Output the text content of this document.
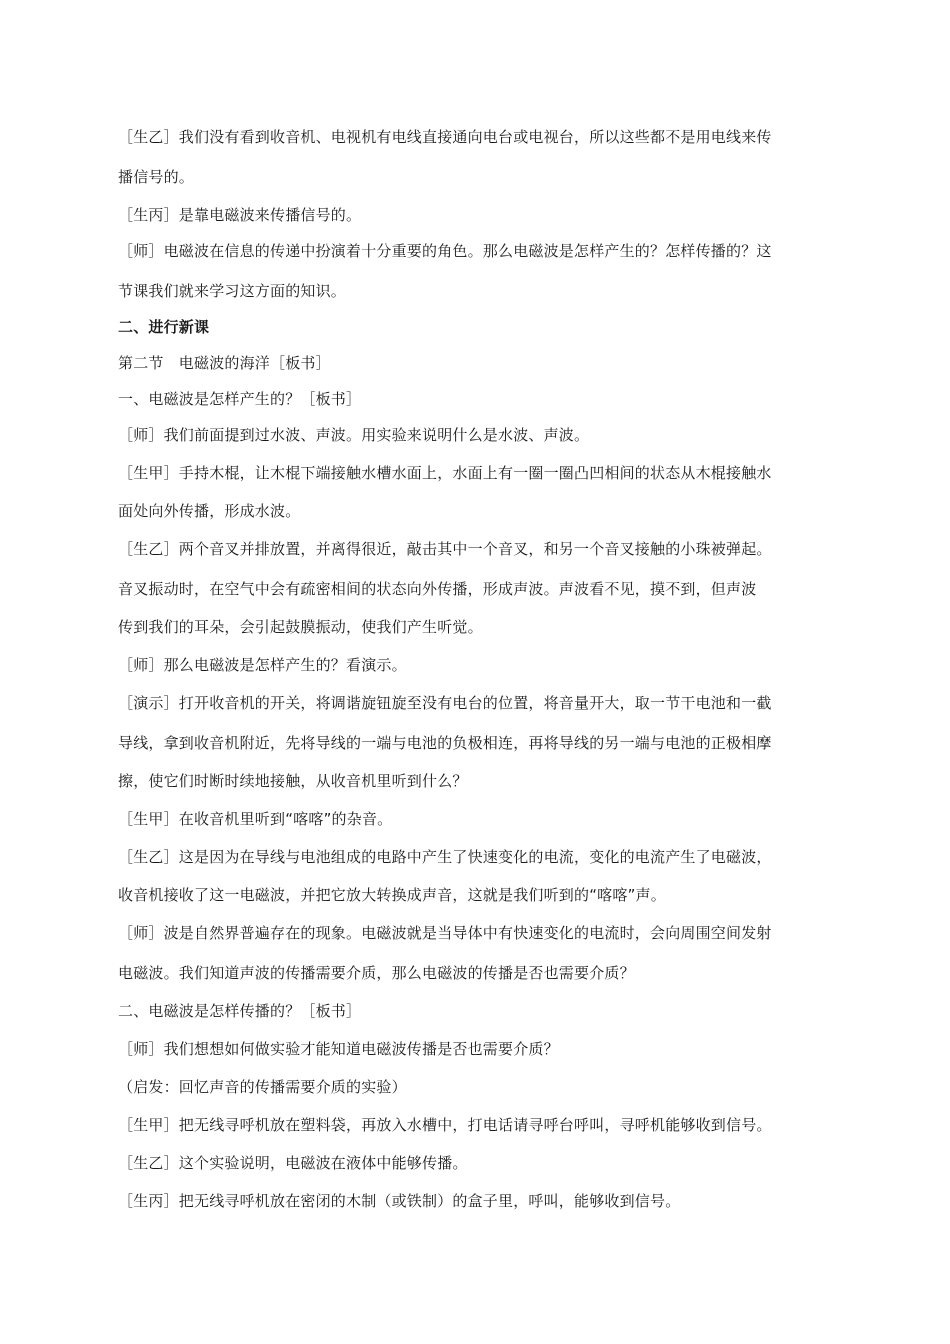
［生乙］我们没有看到收音机、电视机有电线直接通向电台或电视台，所以这些都不是用电线来传
播信号的。
［生丙］是靠电磁波来传播信号的。
［师］电磁波在信息的传递中扮演着十分重要的角色。那么电磁波是怎样产生的？怎样传播的？这
节课我们就来学习这方面的知识。
二、进行新课
第二节　电磁波的海洋［板书］
一、电磁波是怎样产生的？［板书］
［师］我们前面提到过水波、声波。用实验来说明什么是水波、声波。
［生甲］手持木棍，让木棍下端接触水槽水面上，水面上有一圈一圈凸凹相间的状态从木棍接触水
面处向外传播，形成水波。
［生乙］两个音叉并排放置，并离得很近，敲击其中一个音叉，和另一个音叉接触的小珠被弹起。
音叉振动时，在空气中会有疏密相间的状态向外传播，形成声波。声波看不见，摸不到，但声波
传到我们的耳朵，会引起鼓膜振动，使我们产生听觉。
［师］那么电磁波是怎样产生的？看演示。
［演示］打开收音机的开关，将调谐旋钮旋至没有电台的位置，将音量开大，取一节干电池和一截
导线，拿到收音机附近，先将导线的一端与电池的负极相连，再将导线的另一端与电池的正极相摩
擦，使它们时断时续地接触，从收音机里听到什么？
［生甲］在收音机里听到“喀喀”的杂音。
［生乙］这是因为在导线与电池组成的电路中产生了快速变化的电流，变化的电流产生了电磁波，
收音机接收了这一电磁波，并把它放大转换成声音，这就是我们听到的“喀喀”声。
［师］波是自然界普遍存在的现象。电磁波就是当导体中有快速变化的电流时，会向周围空间发射
电磁波。我们知道声波的传播需要介质，那么电磁波的传播是否也需要介质？
二、电磁波是怎样传播的？［板书］
［师］我们想想如何做实验才能知道电磁波传播是否也需要介质？
（启发：回忆声音的传播需要介质的实验）
［生甲］把无线寻呼机放在塑料袋，再放入水槽中，打电话请寻呼台呼叫，寻呼机能够收到信号。
［生乙］这个实验说明，电磁波在液体中能够传播。
［生丙］把无线寻呼机放在密闭的木制（或铁制）的盒子里，呼叫，能够收到信号。
